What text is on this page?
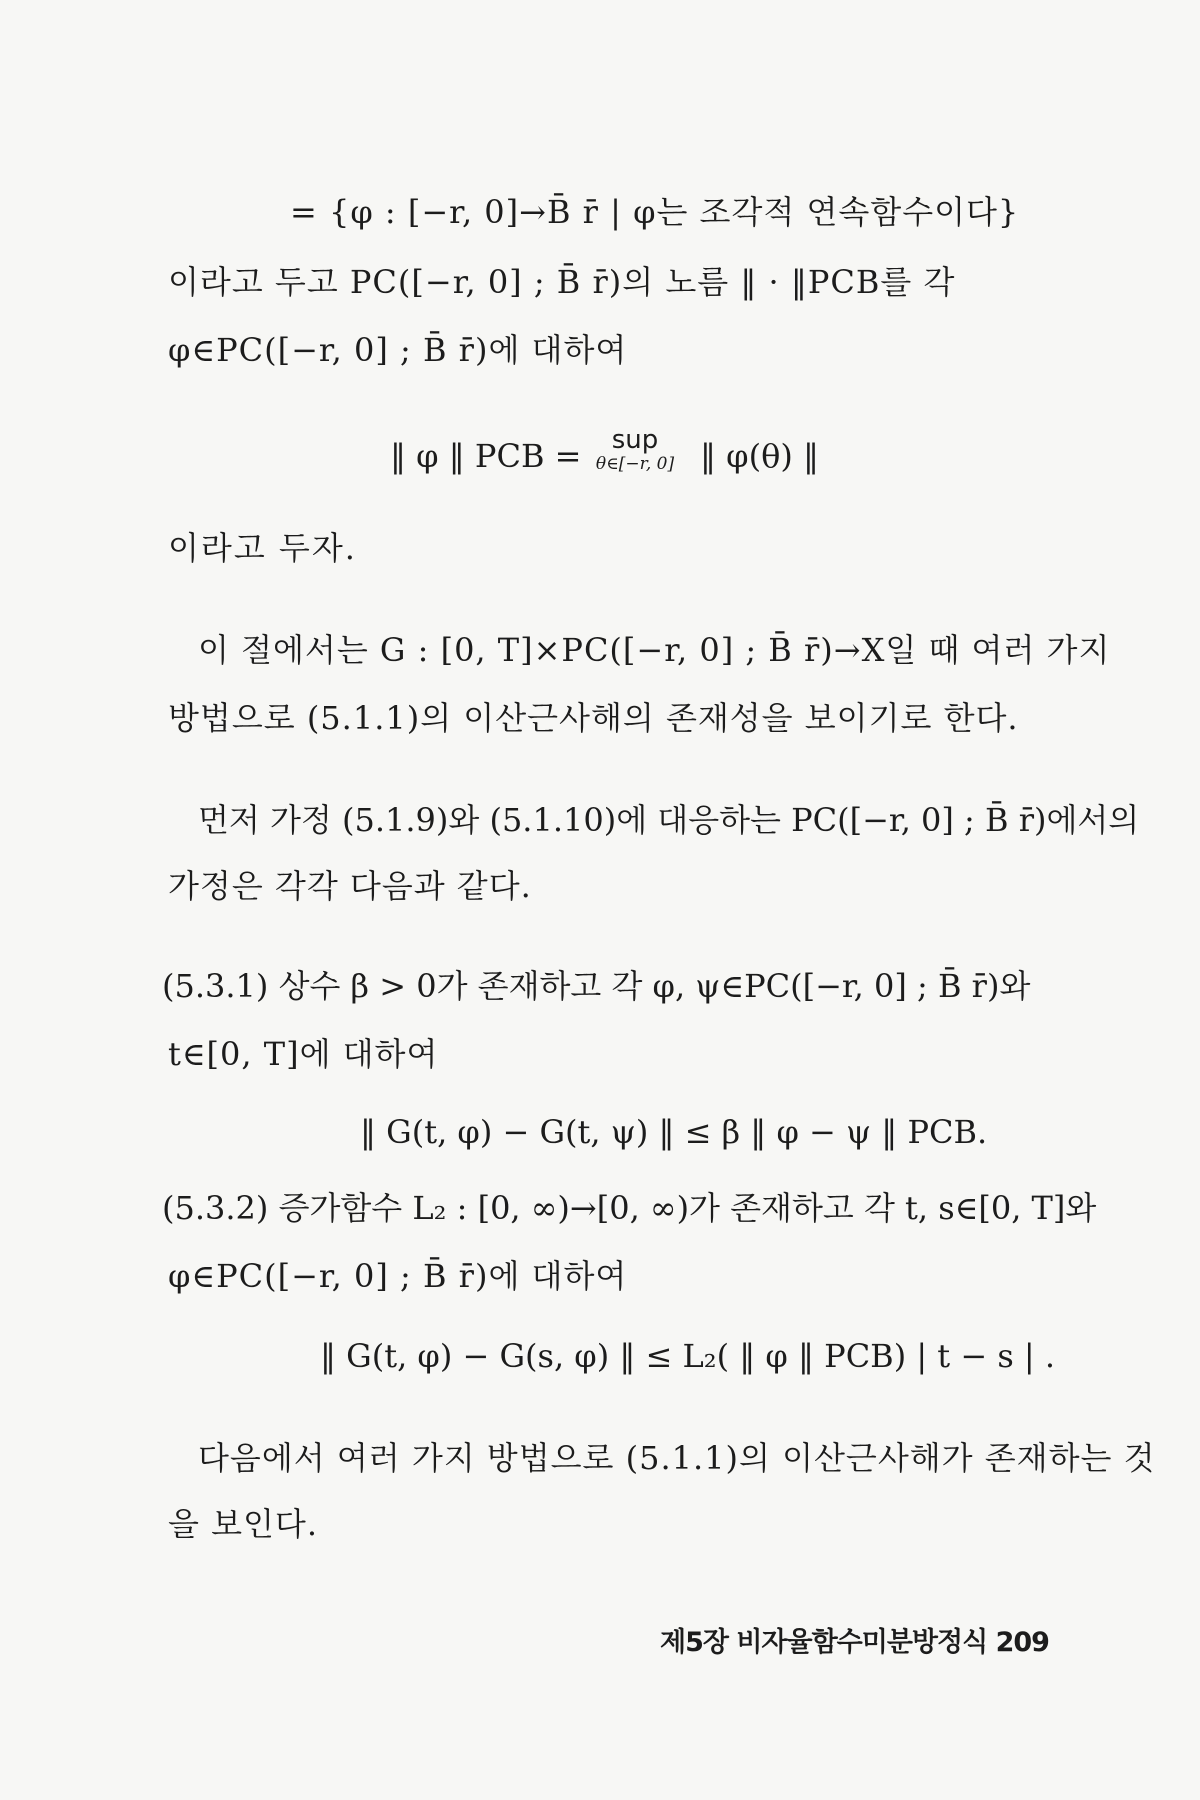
= {φ : [−r, 0]→B̄ r̄ | φ는 조각적 연속함수이다}
이라고 두고 PC([−r, 0] ; B̄ r̄)의 노름 ‖ · ‖PCB를 각
φ∈PC([−r, 0] ; B̄ r̄)에 대하여
‖ φ ‖ PCB =	sup
θ∈[−r, 0] ‖ φ(θ) ‖
이라고 두자.
이 절에서는 G : [0, T]×PC([−r, 0] ; B̄ r̄)→X일 때 여러 가지
방법으로 (5.1.1)의 이산근사해의 존재성을 보이기로 한다.
먼저 가정 (5.1.9)와 (5.1.10)에 대응하는 PC([−r, 0] ; B̄ r̄)에서의
가정은 각각 다음과 같다.
(5.3.1) 상수 β > 0가 존재하고 각 φ, ψ∈PC([−r, 0] ; B̄ r̄)와
t∈[0, T]에 대하여
‖ G(t, φ) − G(t, ψ) ‖ ≤ β ‖ φ − ψ ‖ PCB.
(5.3.2) 증가함수 L₂ : [0, ∞)→[0, ∞)가 존재하고 각 t, s∈[0, T]와
φ∈PC([−r, 0] ; B̄ r̄)에 대하여
‖ G(t, φ) − G(s, φ) ‖ ≤ L₂( ‖ φ ‖ PCB) | t − s | .
다음에서 여러 가지 방법으로 (5.1.1)의 이산근사해가 존재하는 것
을 보인다.
제5장 비자율함수미분방정식 209
